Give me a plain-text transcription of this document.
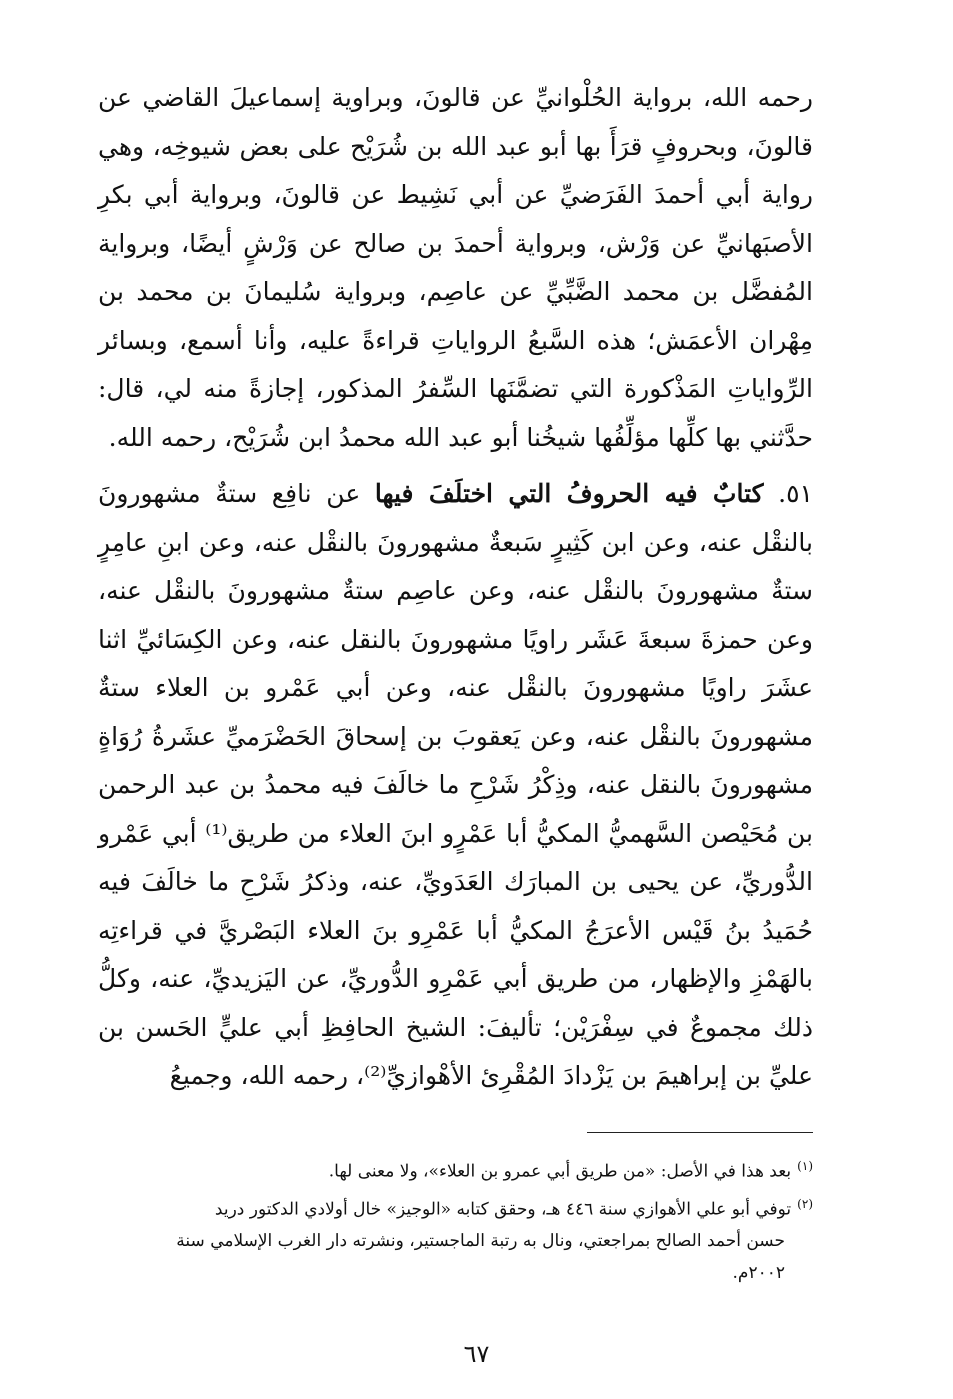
رحمه الله، برواية الحُلْوانيِّ عن قالونَ، وبراوية إسماعيلَ القاضي عن قالونَ، وبحروفٍ قرَأَ بها أبو عبد الله بن شُرَيْح على بعض شيوخِه، وهي رواية أبي أحمدَ الفَرَضيِّ عن أبي نَشِيط عن قالونَ، وبرواية أبي بكرِ الأصبَهانيِّ عن وَرْش، وبرواية أحمدَ بن صالح عن وَرْشٍ أيضًا، وبرواية المُفضَّل بن محمد الضَّبِّيِّ عن عاصِم، وبرواية سُليمانَ بن محمد بن مِهْران الأعمَش؛ هذه السَّبعُ الرواياتِ قراءةً عليه، وأنا أسمع، وبسائر الرِّواياتِ المَذْكورة التي تضمَّنَها السِّفرُ المذكور، إجازةً منه لي، قال: حدَّثني بها كلِّها مؤلِّفُها شيخُنا أبو عبد الله محمدُ ابن شُرَيْح، رحمه الله.

٥١. كتابٌ فيه الحروفُ التي اختلَفَ فيها عن نافِع ستةٌ مشهورونَ بالنقْل عنه، وعن ابن كَثِيرٍ سَبعةٌ مشهورونَ بالنقْل عنه، وعن ابنِ عامِرٍ ستةٌ مشهورونَ بالنقْل عنه، وعن عاصِم ستةٌ مشهورونَ بالنقْل عنه، وعن حمزةَ سبعةَ عَشَر راويًا مشهورونَ بالنقل عنه، وعن الكِسَائيِّ اثنا عشَرَ راويًا مشهورونَ بالنقْل عنه، وعن أبي عَمْرو بن العلاء ستةٌ مشهورونَ بالنقْل عنه، وعن يَعقوبَ بن إسحاقَ الحَضْرَميِّ عشَرةُ رُوَاةٍ مشهورونَ بالنقل عنه، وذِكْرُ شَرْحِ ما خالَفَ فيه محمدُ بن عبد الرحمن بن مُحَيْصن السَّهميُّ المكيُّ أبا عَمْرٍو ابنَ العلاء من طريق⁽¹⁾ أبي عَمْرو الدُّوريِّ، عن يحيى بن المبارَك العَدَويِّ، عنه، وذكرُ شَرْحِ ما خالَفَ فيه حُمَيدُ بنُ قَيْس الأعرَجُ المكيُّ أبا عَمْرِو بنَ العلاء البَصْريَّ في قراءتِه بالهَمْزِ والإظهار، من طريق أبي عَمْرِو الدُّوريِّ، عن اليَزيديِّ، عنه، وكلُّ ذلك مجموعٌ في سِفْرَيْن؛ تأليفَ: الشيخ الحافِظِ أبي عليٍّ الحَسن بن عليِّ بن إبراهيمَ بن يَزْدادَ المُقْرِئ الأهْوازيِّ⁽²⁾، رحمه الله، وجميعُ

$^{(١)}$بعد هذا في الأصل: «من طريق أبي عمرو بن العلاء»، ولا معنى لها.
$^{(٢)}$توفي أبو علي الأهوازي سنة ٤٤٦ هـ، وحقق كتابه «الوجيز» خال أولادي الدكتور دريد
حسن أحمد الصالح بمراجعتي، ونال به رتبة الماجستير، ونشرته دار الغرب الإسلامي سنة
٢٠٠٢م.
٦٧
